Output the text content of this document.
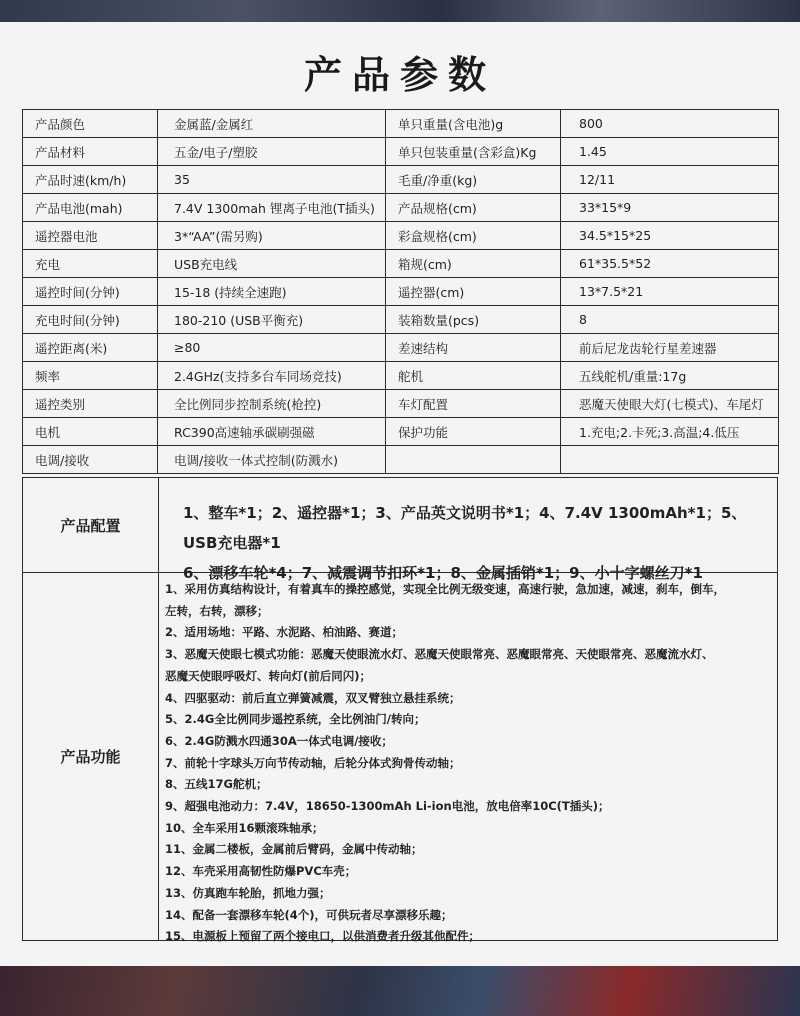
产品参数
产品颜色	金属蓝/金属红	单只重量(含电池)g	800
产品材料	五金/电子/塑胶	单只包装重量(含彩盒)Kg	1.45
产品时速(km/h)	35	毛重/净重(kg)	12/11
产品电池(mah)	7.4V 1300mah 锂离子电池(T插头)	产品规格(cm)	33*15*9
遥控器电池	3*“AA”(需另购)	彩盒规格(cm)	34.5*15*25
充电	USB充电线	箱规(cm)	61*35.5*52
遥控时间(分钟)	15-18 (持续全速跑)	遥控器(cm)	13*7.5*21
充电时间(分钟)	180-210 (USB平衡充)	装箱数量(pcs)	8
遥控距离(米)	≥80	差速结构	前后尼龙齿轮行星差速器
频率	2.4GHz(支持多台车同场竞技)	舵机	五线舵机/重量:17g
遥控类别	全比例同步控制系统(枪控)	车灯配置	恶魔天使眼大灯(七模式)、车尾灯
电机	RC390高速轴承碳刷强磁	保护功能	1.充电;2.卡死;3.高温;4.低压
电调/接收	电调/接收一体式控制(防溅水)		
产品配置
1、整车*1；2、遥控器*1；3、产品英文说明书*1；4、7.4V 1300mAh*1；5、USB充电器*1
6、漂移车轮*4；7、减震调节扣环*1；8、金属插销*1；9、小十字螺丝刀*1
产品功能
1、采用仿真结构设计，有着真车的操控感觉，实现全比例无级变速，高速行驶，急加速，减速，刹车，倒车，
左转，右转，漂移；
2、适用场地：平路、水泥路、柏油路、赛道；
3、恶魔天使眼七模式功能：恶魔天使眼流水灯、恶魔天使眼常亮、恶魔眼常亮、天使眼常亮、恶魔流水灯、
恶魔天使眼呼吸灯、转向灯(前后同闪)；
4、四驱驱动：前后直立弹簧减震，双叉臂独立悬挂系统；
5、2.4G全比例同步遥控系统，全比例油门/转向；
6、2.4G防溅水四通30A一体式电调/接收；
7、前轮十字球头万向节传动轴，后轮分体式狗骨传动轴；
8、五线17G舵机；
9、超强电池动力：7.4V，18650-1300mAh Li-ion电池，放电倍率10C(T插头)；
10、全车采用16颗滚珠轴承；
11、金属二楼板，金属前后臂码，金属中传动轴；
12、车壳采用高韧性防爆PVC车壳；
13、仿真跑车轮胎，抓地力强；
14、配备一套漂移车轮(4个)，可供玩者尽享漂移乐趣；
15、电源板上预留了两个接电口，以供消费者升级其他配件；
